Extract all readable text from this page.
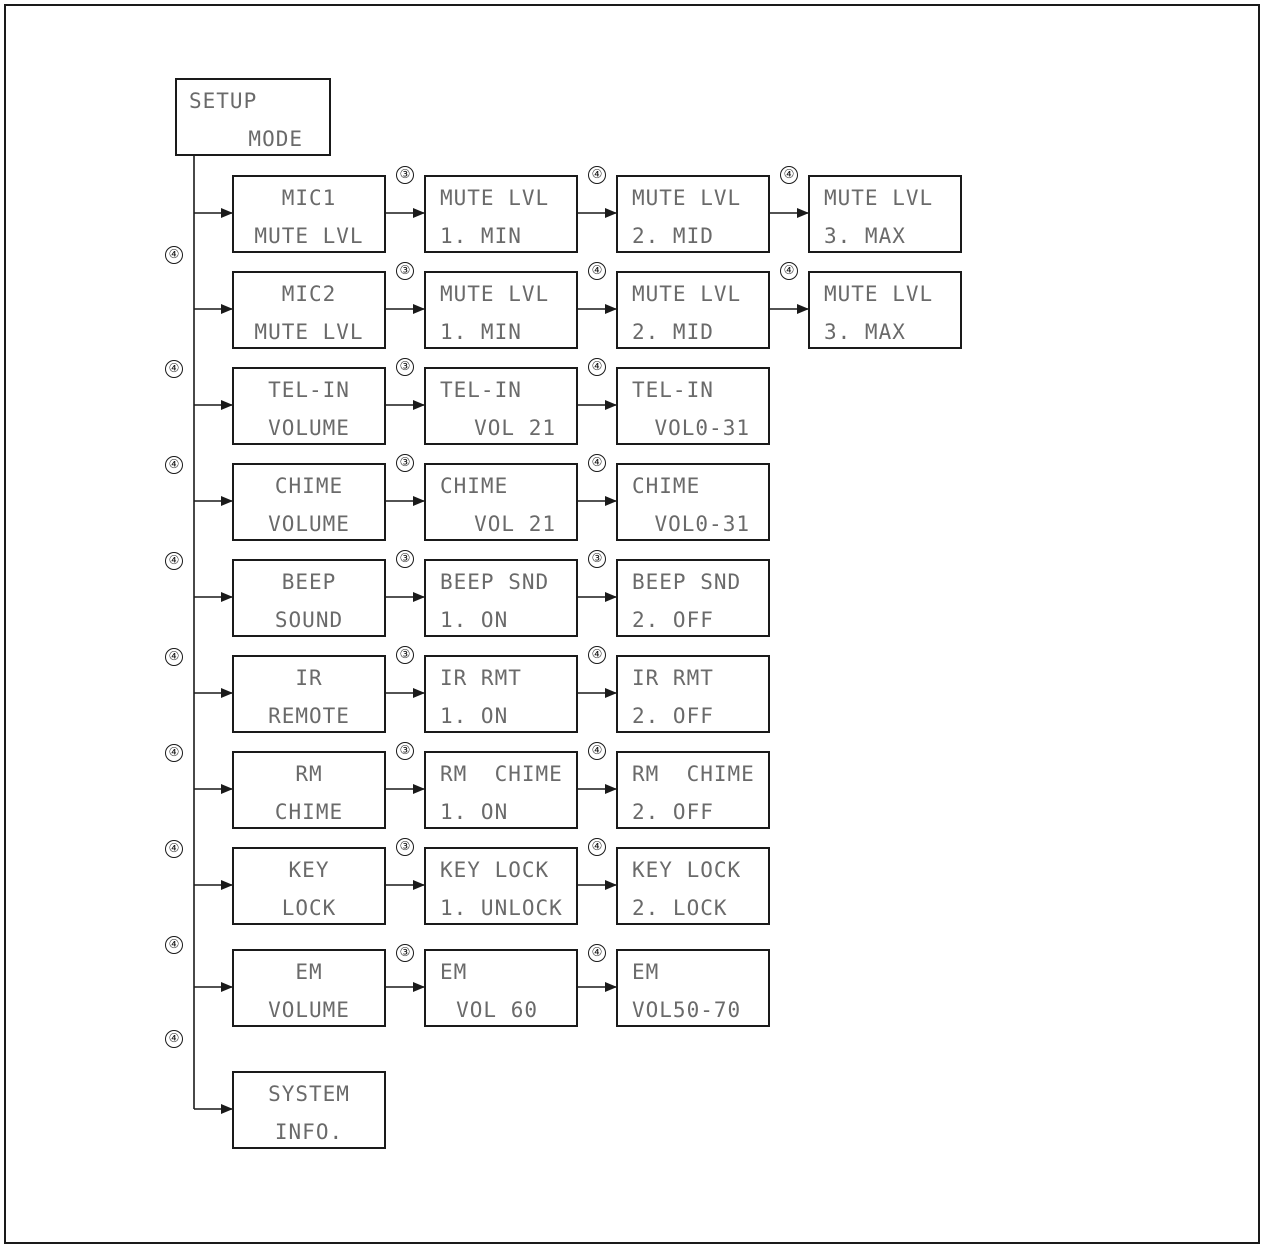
SETUP
MODE
MIC1
MUTE LVL
MUTE LVL
1. MIN
MUTE LVL
2. MID
MUTE LVL
3. MAX
④
③	④	④
MIC2
MUTE LVL
MUTE LVL
1. MIN
MUTE LVL
2. MID
MUTE LVL
3. MAX
④
③	④	④
TEL-IN
VOLUME
TEL-IN
VOL 21
TEL-IN
VOL0-31
④
③	④
CHIME
VOLUME
CHIME
VOL 21
CHIME
VOL0-31
④
③	④
BEEP
SOUND
BEEP SND
1. ON
BEEP SND
2. OFF
④
③	③
IR
REMOTE
IR RMT
1. ON
IR RMT
2. OFF
④
③	④
RM
CHIME
RM  CHIME
1. ON
RM  CHIME
2. OFF
④
③	④
KEY
LOCK
KEY LOCK
1. UNLOCK
KEY LOCK
2. LOCK
④
③	④
EM
VOLUME
EM
VOL 60
EM
VOL50-70
④
③	④
SYSTEM
INFO.
